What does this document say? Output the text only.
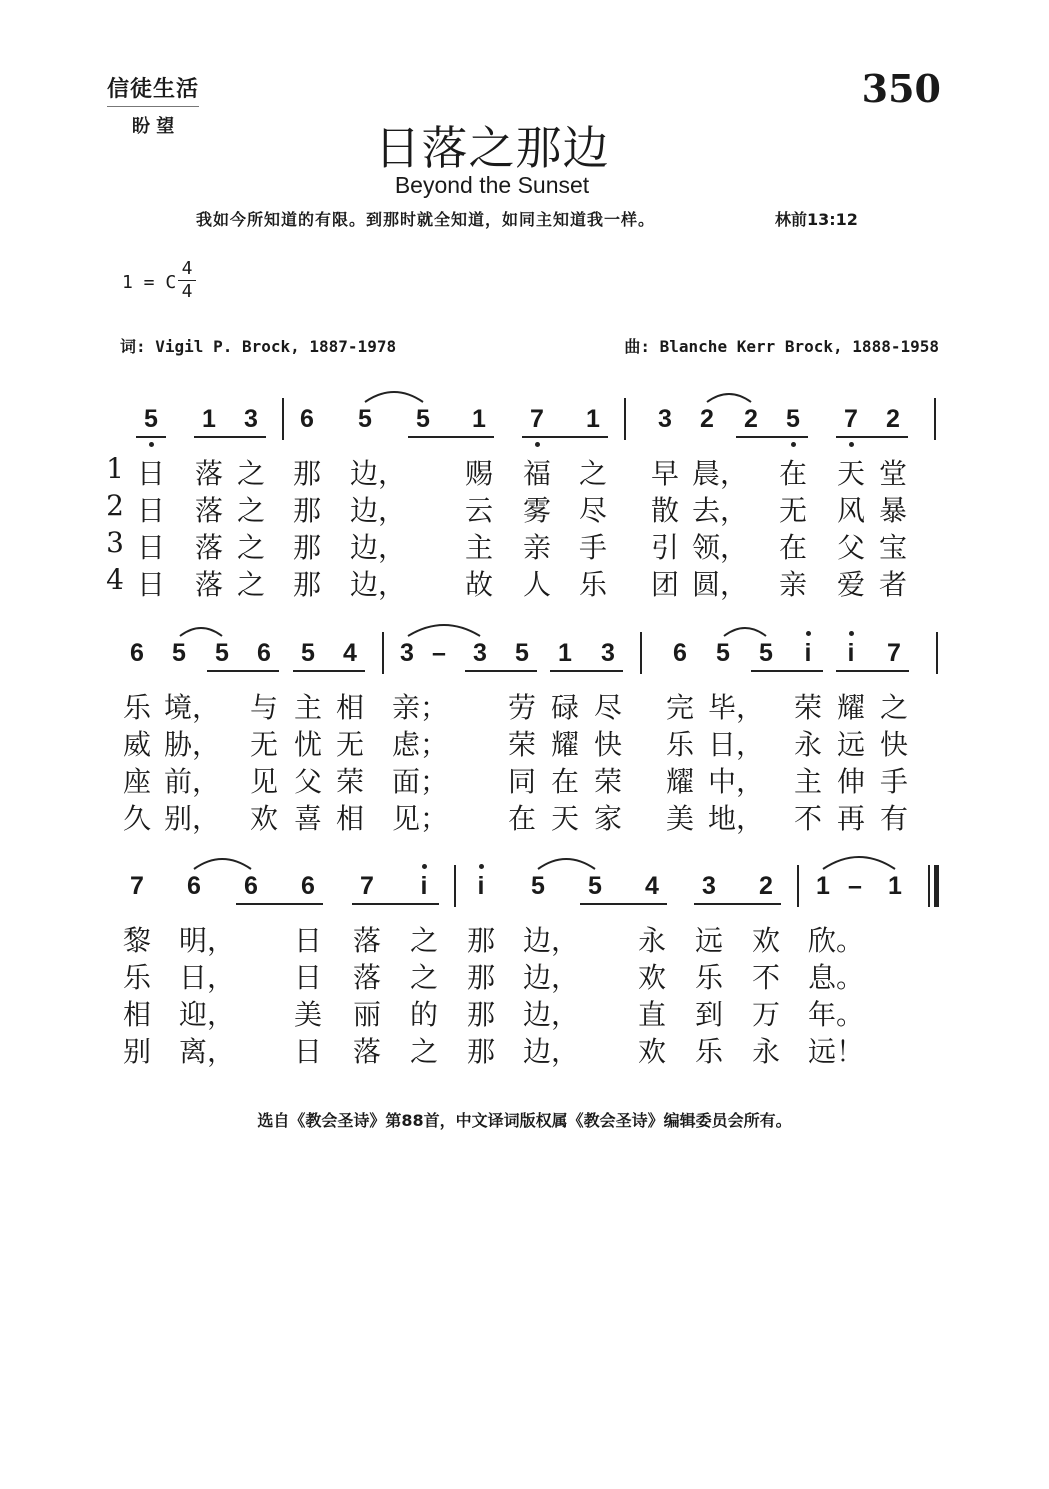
信徒生活
盼 望
350
日落之那边
Beyond the Sunset
我如今所知道的有限。到那时就全知道，如同主知道我一样。	林前13:12
1 = C $\frac{4}{4}$
词: Vigil P. Brock, 1887-1978	曲: Blanche Kerr Brock, 1888-1958
5	1	3	6	5	5	1	7	1	3	2	2	5	7	2
1 日 落 之 那 边， 赐 福 之 早 晨， 在 天 堂
2 日 落 之 那 边， 云 雾 尽 散 去， 无 风 暴
3 日 落 之 那 边， 主 亲 手 引 领， 在 父 宝
4 日 落 之 那 边， 故 人 乐 团 圆， 亲 爱 者
6	5	5	6	5	4	3 –	3	5	1	3	6	5	5	i	i	7
乐 境， 与 主 相 亲； 劳 碌 尽 完 毕， 荣 耀 之
威 胁， 无 忧 无 虑； 荣 耀 快 乐 日， 永 远 快
座 前， 见 父 荣 面； 同 在 荣 耀 中， 主 伸 手
久 别， 欢 喜 相 见； 在 天 家 美 地， 不 再 有
7	6	6	6	7	i	i	5	5	4	3	2	1 –	1
黎 明， 日 落 之 那 边， 永 远 欢 欣。
乐 日， 日 落 之 那 边， 欢 乐 不 息。
相 迎， 美 丽 的 那 边， 直 到 万 年。
别 离， 日 落 之 那 边， 欢 乐 永 远！
选自《教会圣诗》第88首，中文译词版权属《教会圣诗》编辑委员会所有。
